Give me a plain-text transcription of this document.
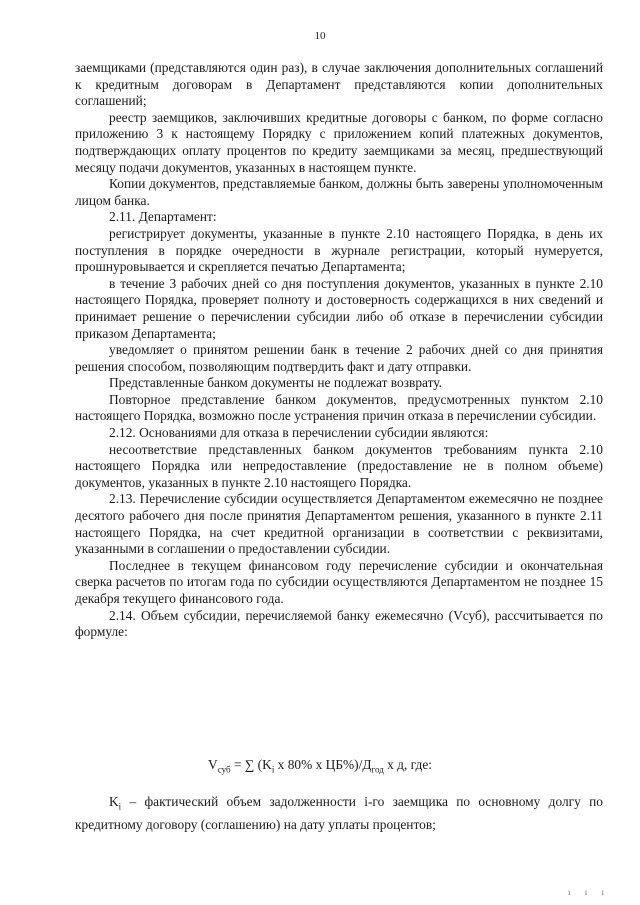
10

заемщиками (представляются один раз), в случае заключения дополнительных соглашений к кредитным договорам в Департамент представляются копии дополнительных соглашений;

реестр заемщиков, заключивших кредитные договоры с банком, по форме согласно приложению 3 к настоящему Порядку с приложением копий платежных документов, подтверждающих оплату процентов по кредиту заемщиками за месяц, предшествующий месяцу подачи документов, указанных в настоящем пункте.

Копии документов, представляемые банком, должны быть заверены уполномоченным лицом банка.

2.11. Департамент:

регистрирует документы, указанные в пункте 2.10 настоящего Порядка, в день их поступления в порядке очередности в журнале регистрации, который нумеруется, прошнуровывается и скрепляется печатью Департамента;

в течение 3 рабочих дней со дня поступления документов, указанных в пункте 2.10 настоящего Порядка, проверяет полноту и достоверность содержащихся в них сведений и принимает решение о перечислении субсидии либо об отказе в перечислении субсидии приказом Департамента;

уведомляет о принятом решении банк в течение 2 рабочих дней со дня принятия решения способом, позволяющим подтвердить факт и дату отправки.

Представленные банком документы не подлежат возврату.

Повторное представление банком документов, предусмотренных пунктом 2.10 настоящего Порядка, возможно после устранения причин отказа в перечислении субсидии.

2.12. Основаниями для отказа в перечислении субсидии являются:

несоответствие представленных банком документов требованиям пункта 2.10 настоящего Порядка или непредоставление (предоставление не в полном объеме) документов, указанных в пункте 2.10 настоящего Порядка.

2.13. Перечисление субсидии осуществляется Департаментом ежемесячно не позднее десятого рабочего дня после принятия Департаментом решения, указанного в пункте 2.11 настоящего Порядка, на счет кредитной организации в соответствии с реквизитами, указанными в соглашении о предоставлении субсидии.

Последнее в текущем финансовом году перечисление субсидии и окончательная сверка расчетов по итогам года по субсидии осуществляются Департаментом не позднее 15 декабря текущего финансового года.

2.14. Объем субсидии, перечисляемой банку ежемесячно (Vсуб), рассчитывается по формуле:

$V_{суб}$ = ∑ ($K_i$ x 80% x $ЦБ\%)/Д_{год}$ x д, где:

$K_i$ – фактический объем задолженности i-го заемщика по основному долгу по кредитному договору (соглашению) на дату уплаты процентов;

ı ı ı
